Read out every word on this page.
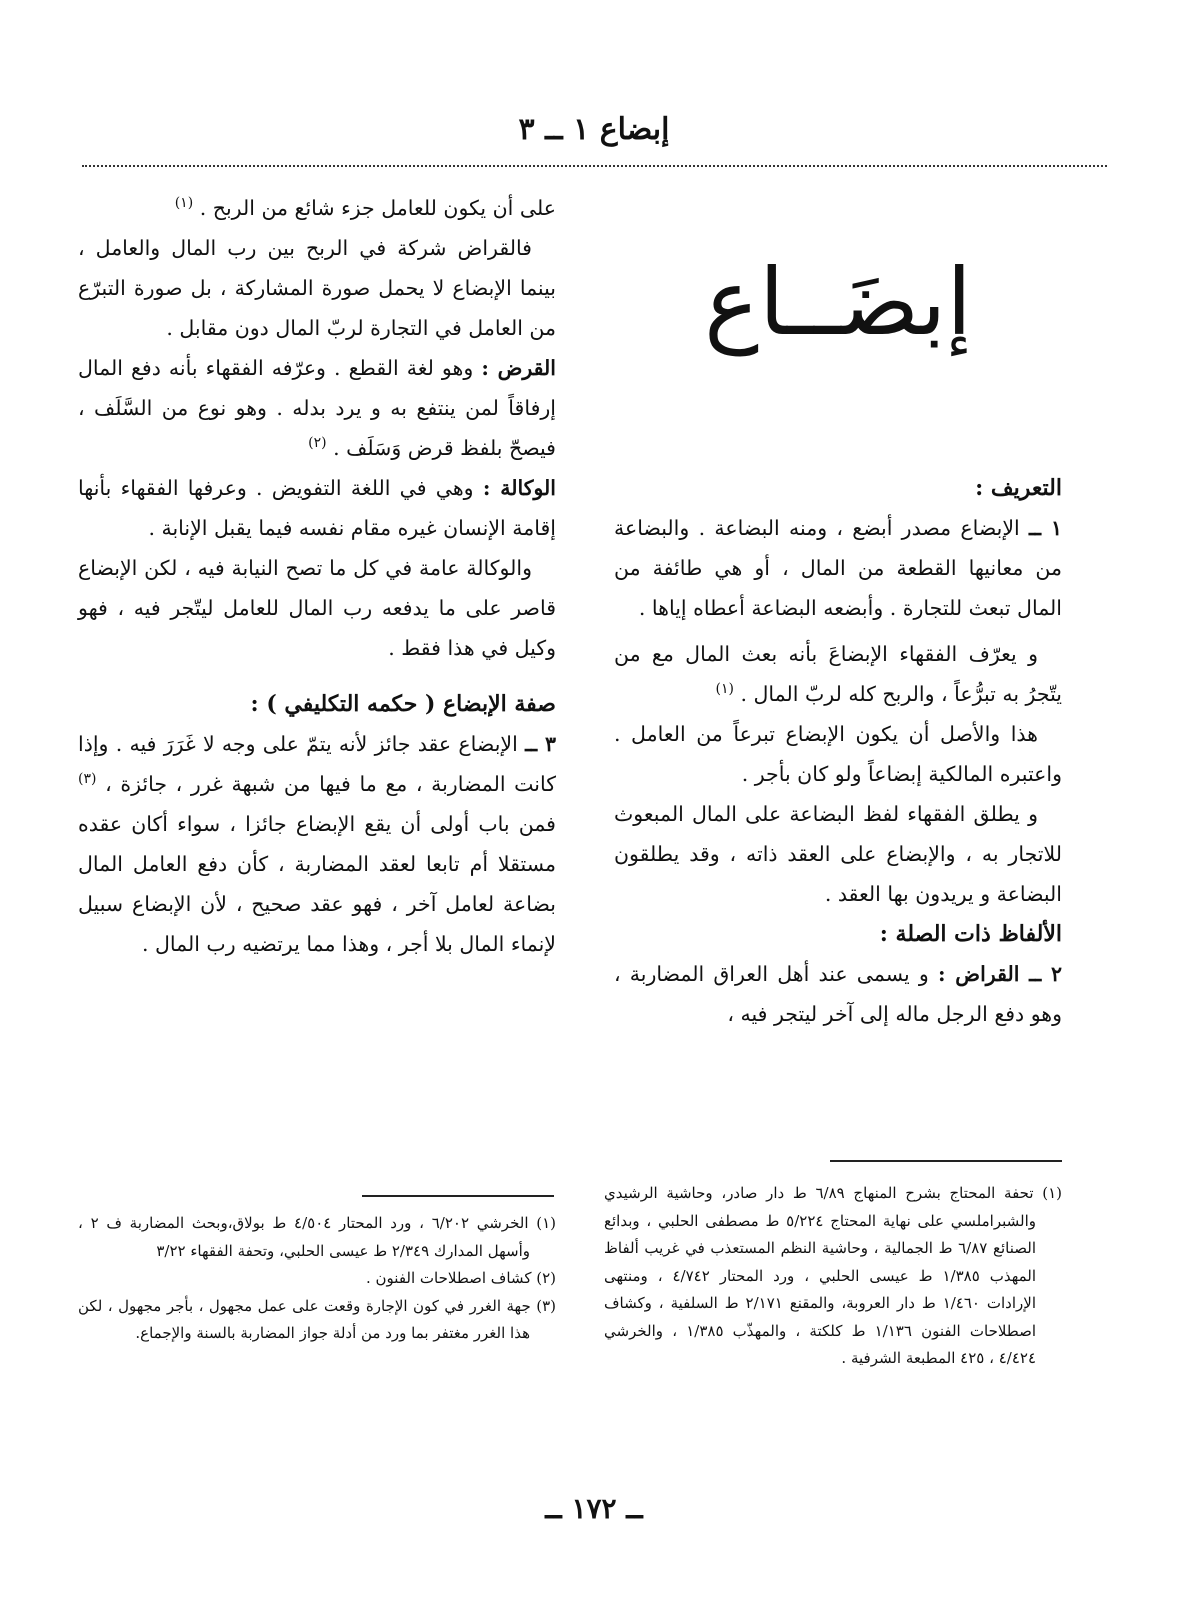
إبضاع ١ ــ ٣

إبضَــاع

التعريف :

١ ــ الإبضاع مصدر أبضع ، ومنه البضاعة . والبضاعة من معانيها القطعة من المال ، أو هي طائفة من المال تبعث للتجارة . وأبضعه البضاعة أعطاه إياها .

و يعرّف الفقهاء الإبضاعَ بأنه بعث المال مع من يتّجرُ به تبرُّعاً ، والربح كله لربّ المال . $^{(١)}$

هذا والأصل أن يكون الإبضاع تبرعاً من العامل . واعتبره المالكية إبضاعاً ولو كان بأجر .

و يطلق الفقهاء لفظ البضاعة على المال المبعوث للاتجار به ، والإبضاع على العقد ذاته ، وقد يطلقون البضاعة و يريدون بها العقد .

الألفاظ ذات الصلة :

٢ ــ القراض : و يسمى عند أهل العراق المضاربة ، وهو دفع الرجل ماله إلى آخر ليتجر فيه ،

على أن يكون للعامل جزء شائع من الربح . $^{(١)}$

فالقراض شركة في الربح بين رب المال والعامل ، بينما الإبضاع لا يحمل صورة المشاركة ، بل صورة التبرّع من العامل في التجارة لربّ المال دون مقابل .

القرض : وهو لغة القطع . وعرّفه الفقهاء بأنه دفع المال إرفاقاً لمن ينتفع به و يرد بدله . وهو نوع من السَّلَف ، فيصحّ بلفظ قرض وَسَلَف . $^{(٢)}$

الوكالة : وهي في اللغة التفويض . وعرفها الفقهاء بأنها إقامة الإنسان غيره مقام نفسه فيما يقبل الإنابة .

والوكالة عامة في كل ما تصح النيابة فيه ، لكن الإبضاع قاصر على ما يدفعه رب المال للعامل ليتّجر فيه ، فهو وكيل في هذا فقط .

صفة الإبضاع ( حكمه التكليفي ) :

٣ ــ الإبضاع عقد جائز لأنه يتمّ على وجه لا غَرَرَ فيه . وإذا كانت المضاربة ، مع ما فيها من شبهة غرر ، جائزة ، $^{(٣)}$ فمن باب أولى أن يقع الإبضاع جائزا ، سواء أكان عقده مستقلا أم تابعا لعقد المضاربة ، كأن دفع العامل المال بضاعة لعامل آخر ، فهو عقد صحيح ، لأن الإبضاع سبيل لإنماء المال بلا أجر ، وهذا مما يرتضيه رب المال .

(١) الخرشي ٦/٢٠٢ ، ورد المحتار ٤/٥٠٤ ط بولاق،وبحث المضاربة ف ٢ ، وأسهل المدارك ٢/٣٤٩ ط عيسى الحلبي، وتحفة الفقهاء ٣/٢٢

(٢) كشاف اصطلاحات الفنون .

(٣) جهة الغرر في كون الإجارة وقعت على عمل مجهول ، بأجر مجهول ، لكن هذا الغرر مغتفر بما ورد من أدلة جواز المضاربة بالسنة والإجماع.

(١) تحفة المحتاج بشرح المنهاج ٦/٨٩ ط دار صادر، وحاشية الرشيدي والشبراملسي على نهاية المحتاج ٥/٢٢٤ ط مصطفى الحلبي ، وبدائع الصنائع ٦/٨٧ ط الجمالية ، وحاشية النظم المستعذب في غريب ألفاظ المهذب ١/٣٨٥ ط عيسى الحلبي ، ورد المحتار ٤/٧٤٢ ، ومنتهى الإرادات ١/٤٦٠ ط دار العروبة، والمقنع ٢/١٧١ ط السلفية ، وكشاف اصطلاحات الفنون ١/١٣٦ ط كلكتة ، والمهذّب ١/٣٨٥ ، والخرشي ٤/٤٢٤ ، ٤٢٥ المطبعة الشرفية .

ــ ١٧٢ ــ
